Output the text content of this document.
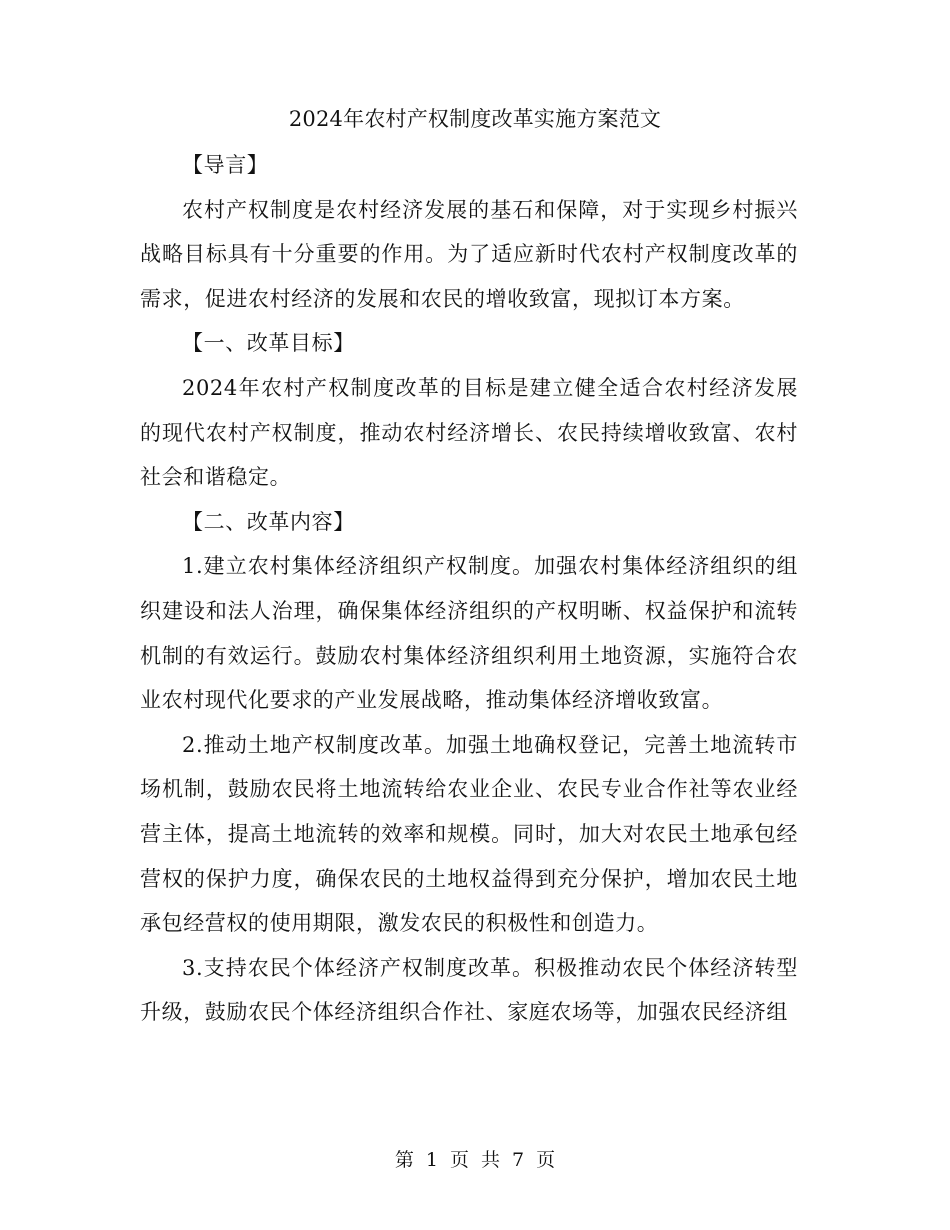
2024年农村产权制度改革实施方案范文

【导言】

农村产权制度是农村经济发展的基石和保障，对于实现乡村振兴战略目标具有十分重要的作用。为了适应新时代农村产权制度改革的需求，促进农村经济的发展和农民的增收致富，现拟订本方案。

【一、改革目标】

2024年农村产权制度改革的目标是建立健全适合农村经济发展的现代农村产权制度，推动农村经济增长、农民持续增收致富、农村社会和谐稳定。

【二、改革内容】

1.建立农村集体经济组织产权制度。加强农村集体经济组织的组织建设和法人治理，确保集体经济组织的产权明晰、权益保护和流转机制的有效运行。鼓励农村集体经济组织利用土地资源，实施符合农业农村现代化要求的产业发展战略，推动集体经济增收致富。

2.推动土地产权制度改革。加强土地确权登记，完善土地流转市场机制，鼓励农民将土地流转给农业企业、农民专业合作社等农业经营主体，提高土地流转的效率和规模。同时，加大对农民土地承包经营权的保护力度，确保农民的土地权益得到充分保护，增加农民土地承包经营权的使用期限，激发农民的积极性和创造力。

3.支持农民个体经济产权制度改革。积极推动农民个体经济转型升级，鼓励农民个体经济组织合作社、家庭农场等，加强农民经济组

第 1 页 共 7 页
